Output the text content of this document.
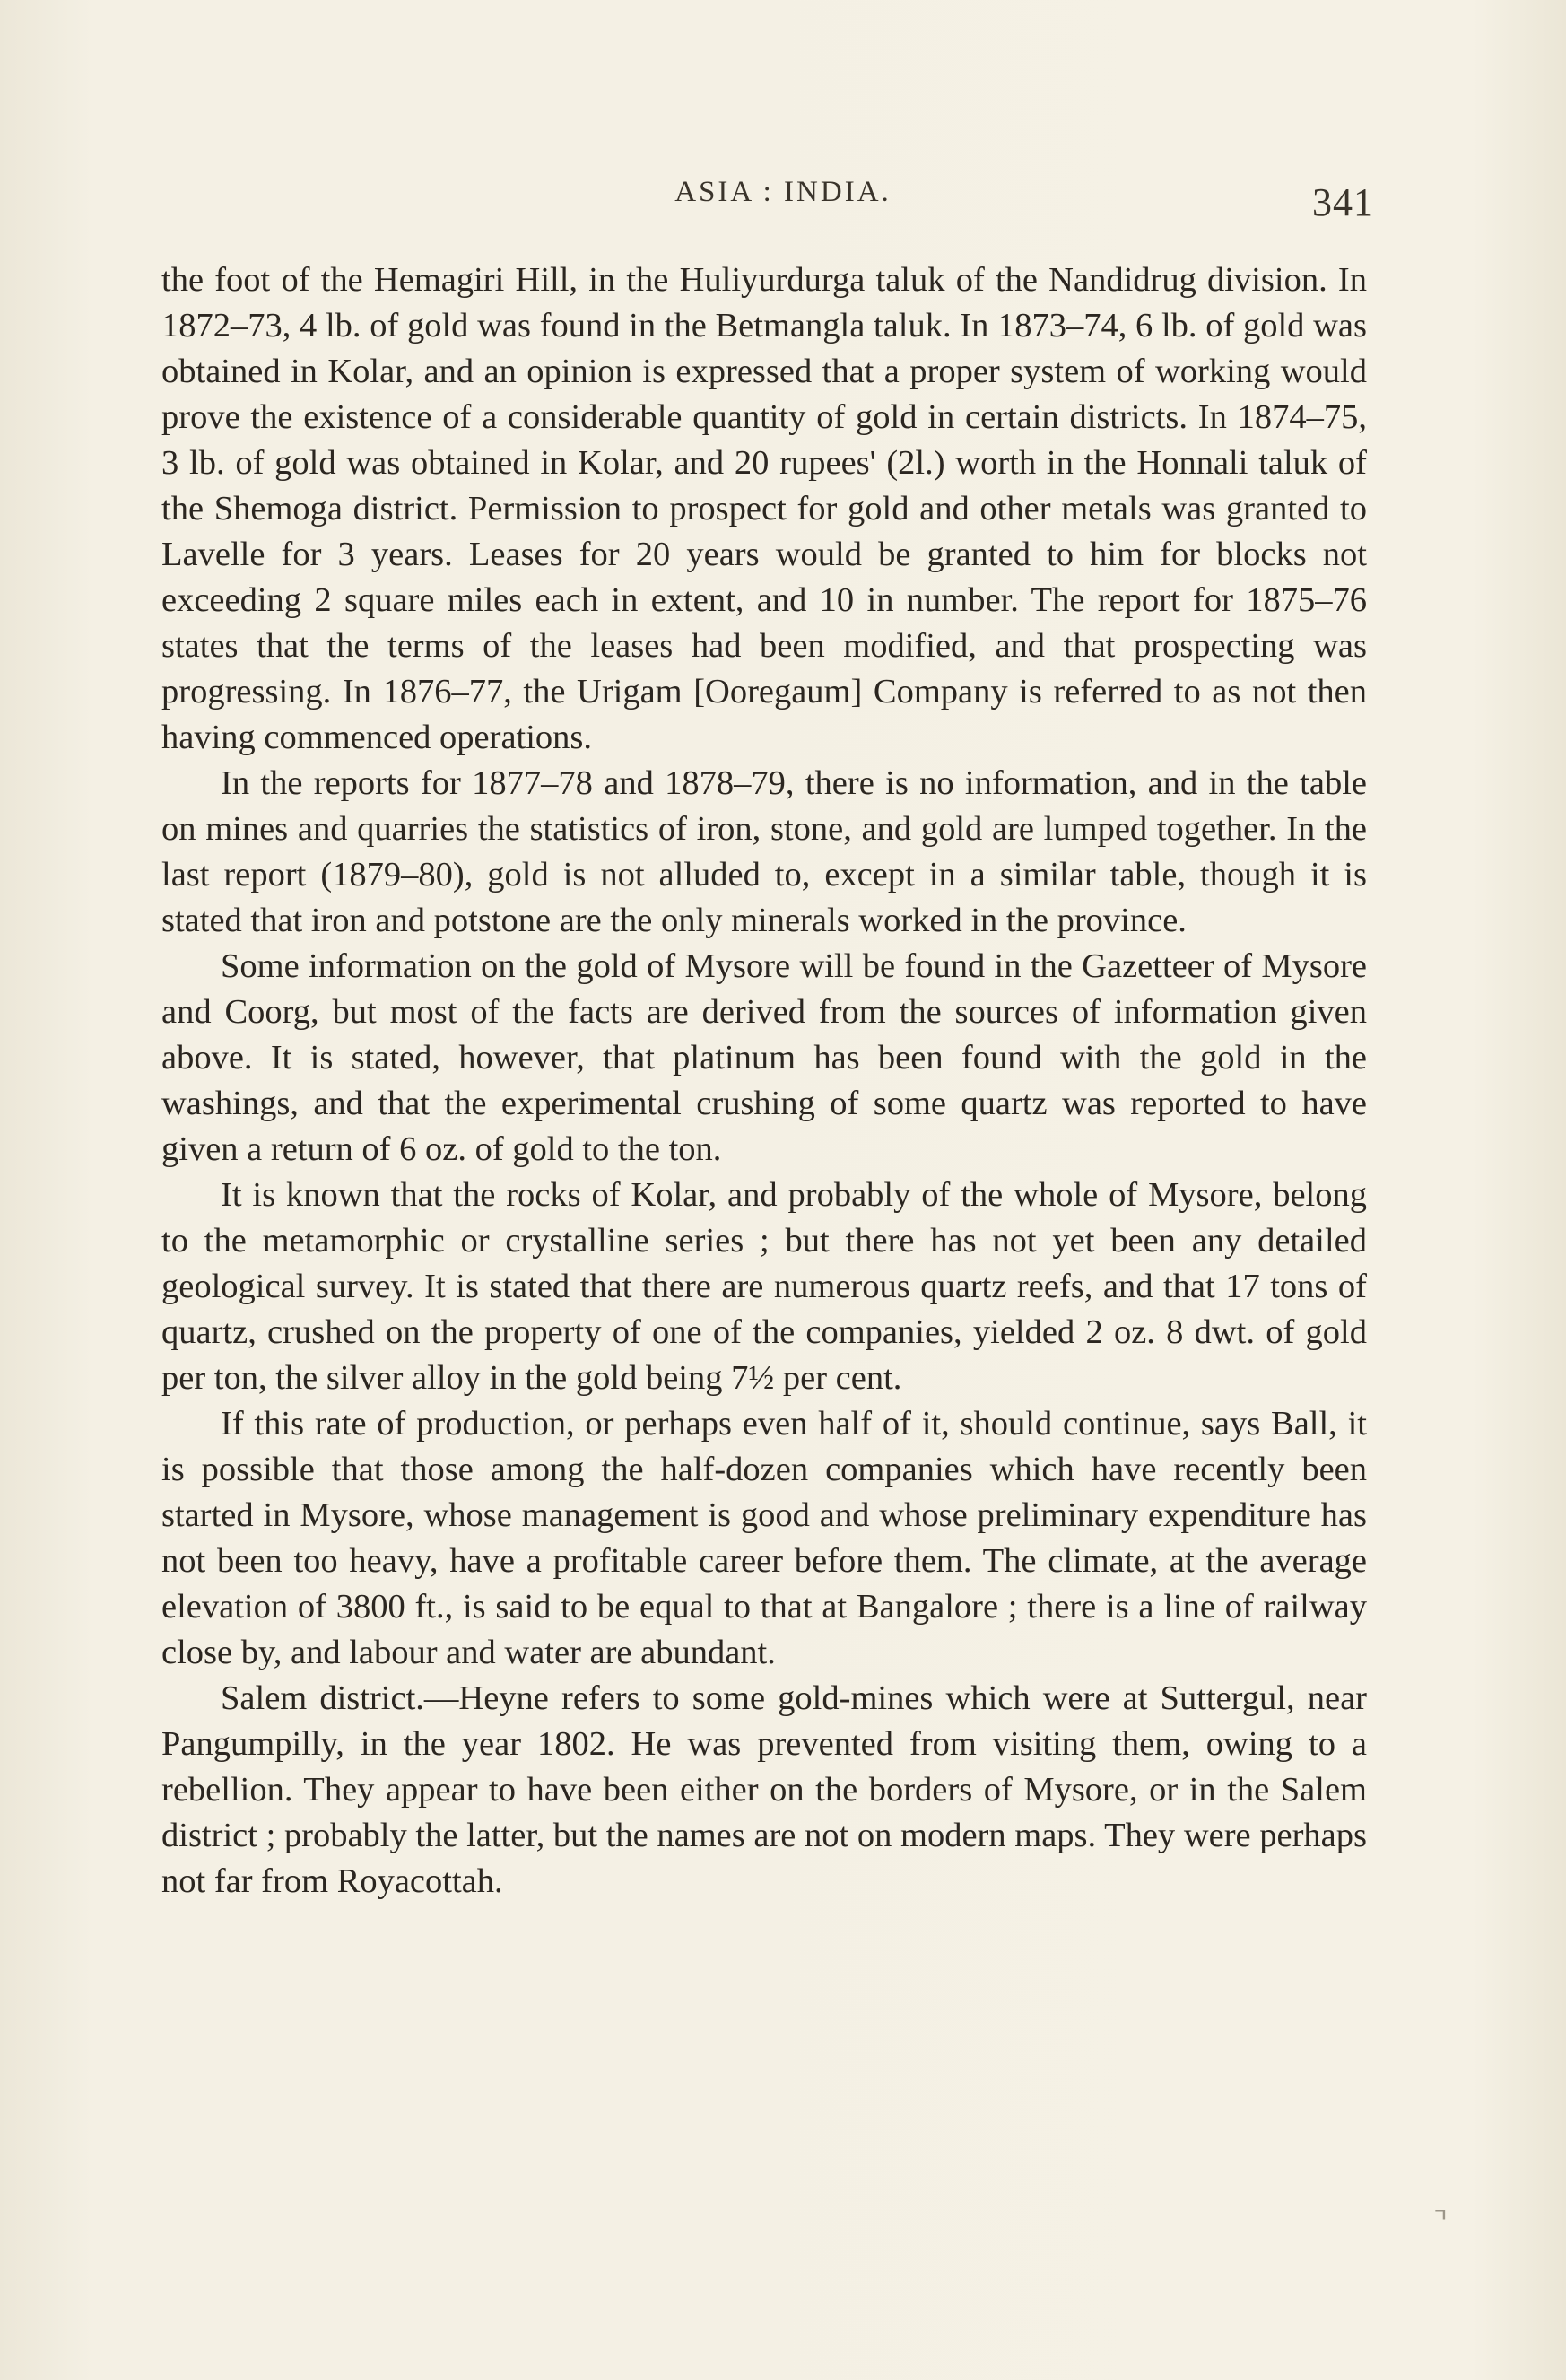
ASIA : INDIA.	341

the foot of the Hemagiri Hill, in the Huliyurdurga taluk of the Nandidrug division. In 1872–73, 4 lb. of gold was found in the Betmangla taluk. In 1873–74, 6 lb. of gold was obtained in Kolar, and an opinion is expressed that a proper system of working would prove the existence of a considerable quantity of gold in certain districts. In 1874–75, 3 lb. of gold was obtained in Kolar, and 20 rupees' (2l.) worth in the Honnali taluk of the Shemoga district. Permission to prospect for gold and other metals was granted to Lavelle for 3 years. Leases for 20 years would be granted to him for blocks not exceeding 2 square miles each in extent, and 10 in number. The report for 1875–76 states that the terms of the leases had been modified, and that prospecting was progressing. In 1876–77, the Urigam [Ooregaum] Company is referred to as not then having commenced operations.

In the reports for 1877–78 and 1878–79, there is no information, and in the table on mines and quarries the statistics of iron, stone, and gold are lumped together. In the last report (1879–80), gold is not alluded to, except in a similar table, though it is stated that iron and potstone are the only minerals worked in the province.

Some information on the gold of Mysore will be found in the Gazetteer of Mysore and Coorg, but most of the facts are derived from the sources of information given above. It is stated, however, that platinum has been found with the gold in the washings, and that the experimental crushing of some quartz was reported to have given a return of 6 oz. of gold to the ton.

It is known that the rocks of Kolar, and probably of the whole of Mysore, belong to the metamorphic or crystalline series ; but there has not yet been any detailed geological survey. It is stated that there are numerous quartz reefs, and that 17 tons of quartz, crushed on the property of one of the companies, yielded 2 oz. 8 dwt. of gold per ton, the silver alloy in the gold being 7½ per cent.

If this rate of production, or perhaps even half of it, should continue, says Ball, it is possible that those among the half-dozen companies which have recently been started in Mysore, whose management is good and whose preliminary expenditure has not been too heavy, have a profitable career before them. The climate, at the average elevation of 3800 ft., is said to be equal to that at Bangalore ; there is a line of railway close by, and labour and water are abundant.

Salem district.—Heyne refers to some gold-mines which were at Suttergul, near Pangumpilly, in the year 1802. He was prevented from visiting them, owing to a rebellion. They appear to have been either on the borders of Mysore, or in the Salem district ; probably the latter, but the names are not on modern maps. They were perhaps not far from Royacottah.

⌝
